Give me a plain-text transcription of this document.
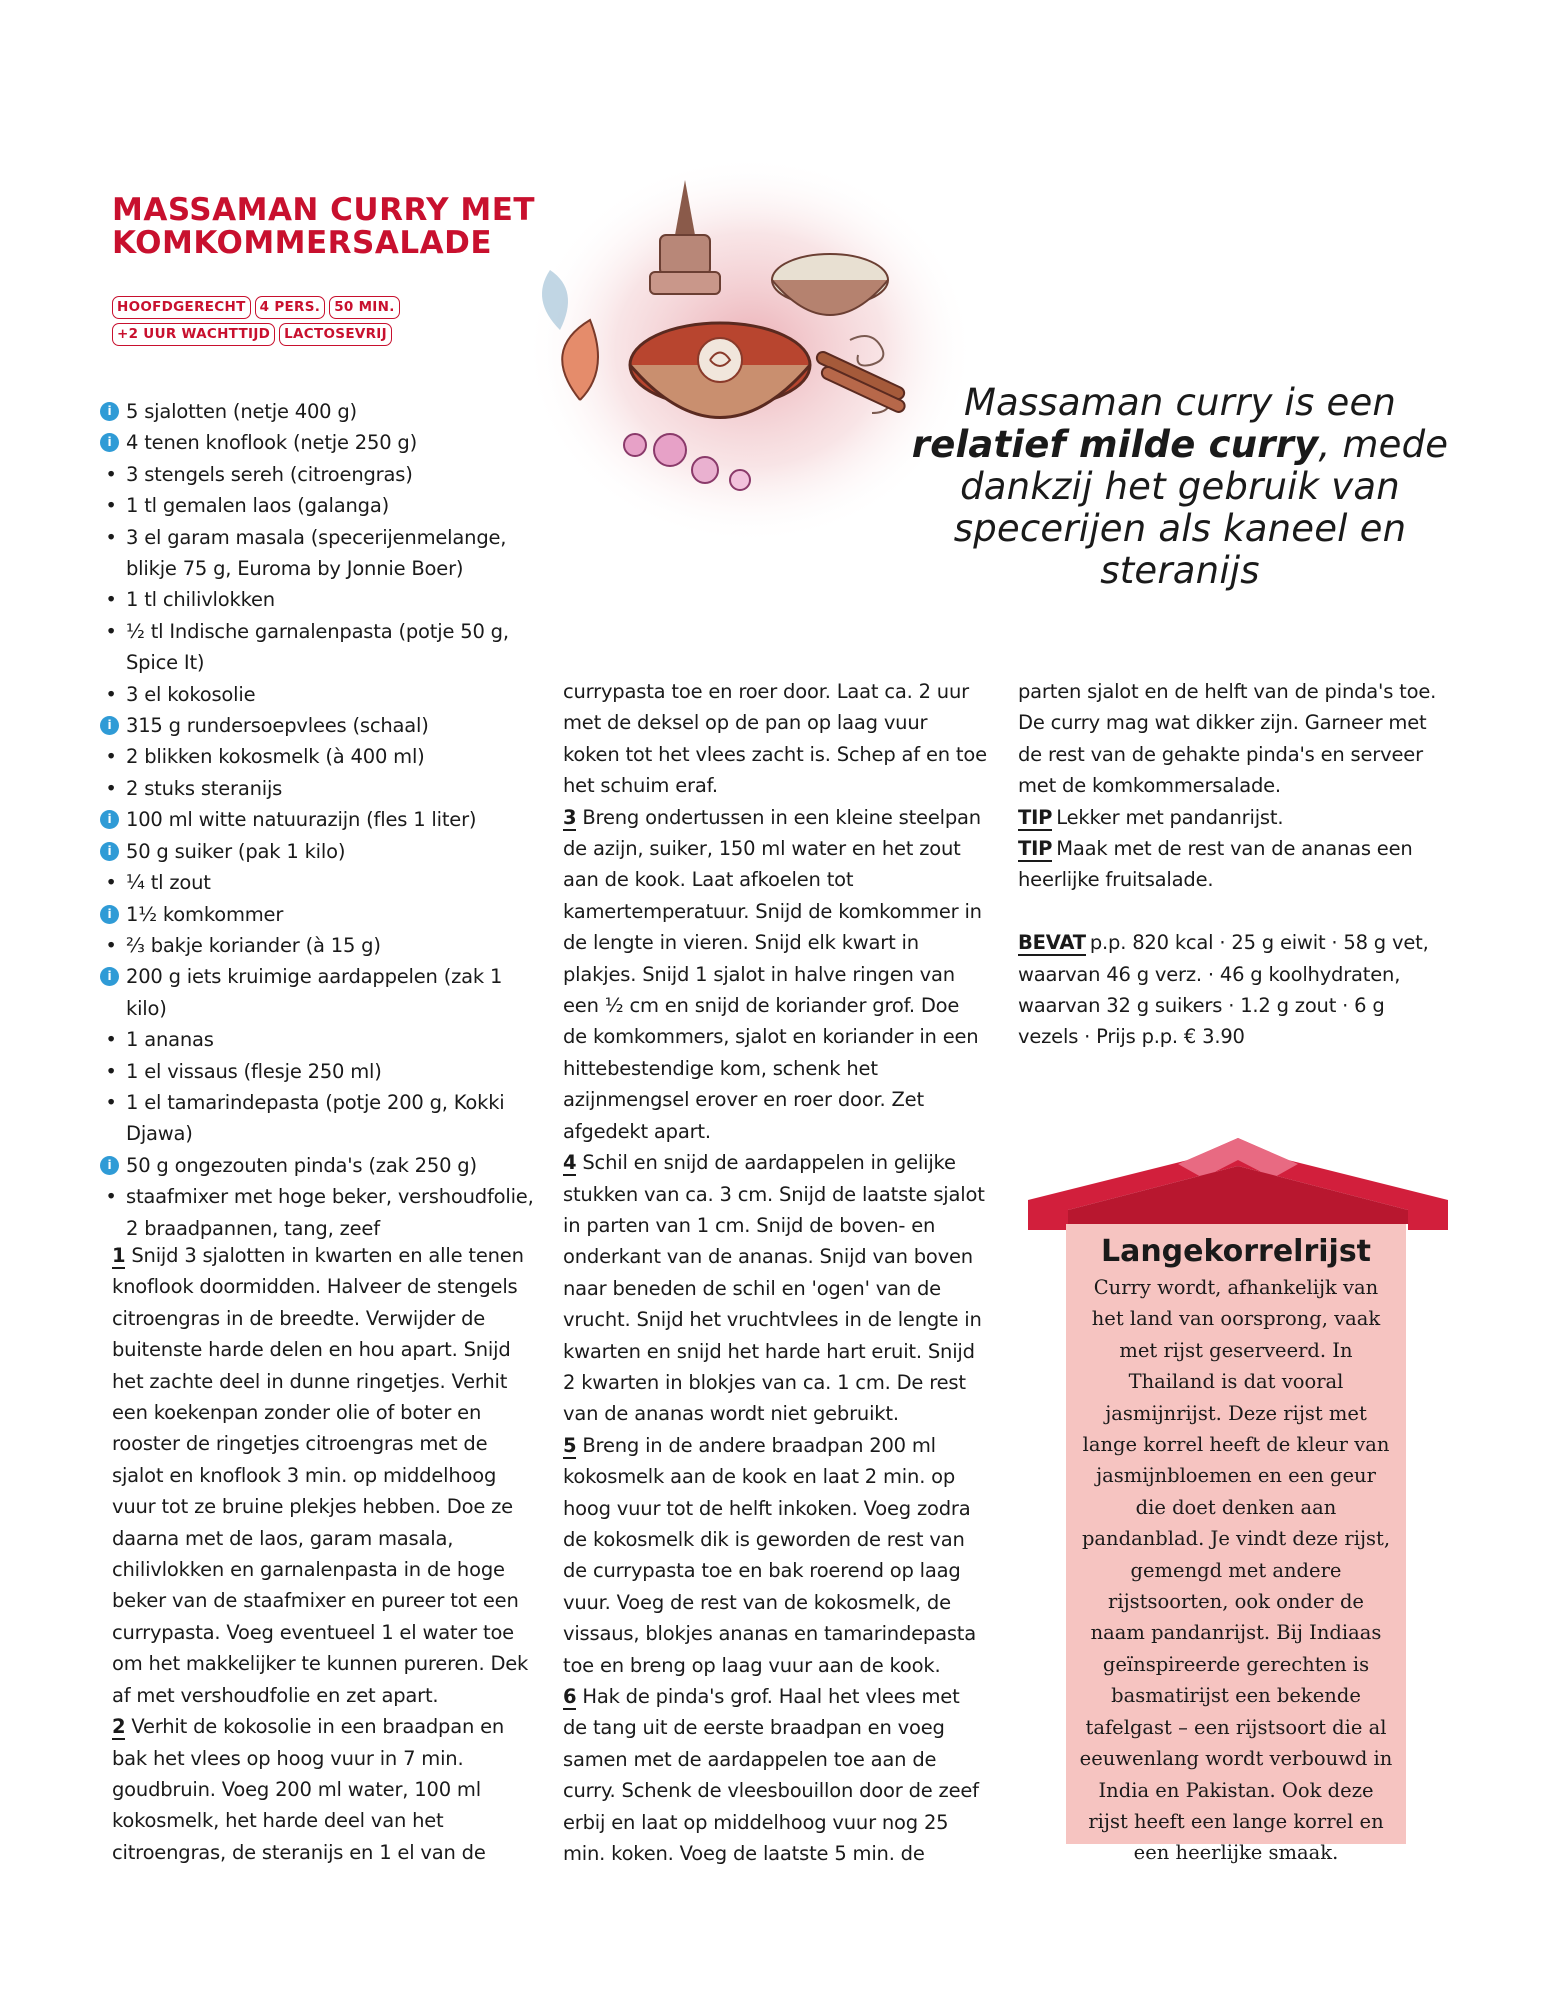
MASSAMAN CURRY MET
KOMKOMMERSALADE
HOOFDGERECHT	4 PERS.	50 MIN.
+2 UUR WACHTTIJD	LACTOSEVRIJ
i 5 sjalotten (netje 400 g)
i 4 tenen knoflook (netje 250 g)
•
3 stengels sereh (citroengras)
•
1 tl gemalen laos (galanga)
•
3 el garam masala (specerijenmelange, blikje 75 g, Euroma by Jonnie Boer)
•
1 tl chilivlokken
•
½ tl Indische garnalenpasta (potje 50 g, Spice It)
•
3 el kokosolie
i 315 g rundersoepvlees (schaal)
•
2 blikken kokosmelk (à 400 ml)
•
2 stuks steranijs
i 100 ml witte natuurazijn (fles 1 liter)
i 50 g suiker (pak 1 kilo)
•
¼ tl zout
i 1½ komkommer
•
⅔ bakje koriander (à 15 g)
i 200 g iets kruimige aardappelen (zak 1 kilo)
•
1 ananas
•
1 el vissaus (flesje 250 ml)
•
1 el tamarindepasta (potje 200 g, Kokki Djawa)
i 50 g ongezouten pinda's (zak 250 g)
•
staafmixer met hoge beker, vershoudfolie, 2 braadpannen, tang, zeef
Massaman curry is een relatief milde curry, mede dankzij het gebruik van specerijen als kaneel en steranijs

1 Snijd 3 sjalotten in kwarten en alle tenen knoflook doormidden. Halveer de stengels citroengras in de breedte. Verwijder de buitenste harde delen en hou apart. Snijd het zachte deel in dunne ringetjes. Verhit een koekenpan zonder olie of boter en rooster de ringetjes citroengras met de sjalot en knoflook 3 min. op middelhoog vuur tot ze bruine plekjes hebben. Doe ze daarna met de laos, garam masala, chilivlokken en garnalenpasta in de hoge beker van de staafmixer en pureer tot een currypasta. Voeg eventueel 1 el water toe om het makkelijker te kunnen pureren. Dek af met vershoudfolie en zet apart.

2 Verhit de kokosolie in een braadpan en bak het vlees op hoog vuur in 7 min. goudbruin. Voeg 200 ml water, 100 ml kokosmelk, het harde deel van het citroengras, de steranijs en 1 el van de

currypasta toe en roer door. Laat ca. 2 uur met de deksel op de pan op laag vuur koken tot het vlees zacht is. Schep af en toe het schuim eraf.

3 Breng ondertussen in een kleine steelpan de azijn, suiker, 150 ml water en het zout aan de kook. Laat afkoelen tot kamertemperatuur. Snijd de komkommer in de lengte in vieren. Snijd elk kwart in plakjes. Snijd 1 sjalot in halve ringen van een ½ cm en snijd de koriander grof. Doe de komkommers, sjalot en koriander in een hittebestendige kom, schenk het azijnmengsel erover en roer door. Zet afgedekt apart.

4 Schil en snijd de aardappelen in gelijke stukken van ca. 3 cm. Snijd de laatste sjalot in parten van 1 cm. Snijd de boven- en onderkant van de ananas. Snijd van boven naar beneden de schil en 'ogen' van de vrucht. Snijd het vruchtvlees in de lengte in kwarten en snijd het harde hart eruit. Snijd 2 kwarten in blokjes van ca. 1 cm. De rest van de ananas wordt niet gebruikt.

5 Breng in de andere braadpan 200 ml kokosmelk aan de kook en laat 2 min. op hoog vuur tot de helft inkoken. Voeg zodra de kokosmelk dik is geworden de rest van de currypasta toe en bak roerend op laag vuur. Voeg de rest van de kokosmelk, de vissaus, blokjes ananas en tamarindepasta toe en breng op laag vuur aan de kook.

6 Hak de pinda's grof. Haal het vlees met de tang uit de eerste braadpan en voeg samen met de aardappelen toe aan de curry. Schenk de vleesbouillon door de zeef erbij en laat op middelhoog vuur nog 25 min. koken. Voeg de laatste 5 min. de

parten sjalot en de helft van de pinda's toe. De curry mag wat dikker zijn. Garneer met de rest van de gehakte pinda's en serveer met de komkommersalade.

TIP Lekker met pandanrijst.

TIP Maak met de rest van de ananas een heerlijke fruitsalade.

BEVAT p.p. 820 kcal · 25 g eiwit · 58 g vet, waarvan 46 g verz. · 46 g koolhydraten, waarvan 32 g suikers · 1.2 g zout · 6 g vezels · Prijs p.p. € 3.90

Langekorrelrijst
Curry wordt, afhankelijk van het land van oorsprong, vaak met rijst geserveerd. In Thailand is dat vooral jasmijnrijst. Deze rijst met lange korrel heeft de kleur van jasmijnbloemen en een geur die doet denken aan pandanblad. Je vindt deze rijst, gemengd met andere rijstsoorten, ook onder de naam pandanrijst. Bij Indiaas geïnspireerde gerechten is basmatirijst een bekende tafelgast – een rijstsoort die al eeuwenlang wordt verbouwd in India en Pakistan. Ook deze rijst heeft een lange korrel en een heerlijke smaak.
